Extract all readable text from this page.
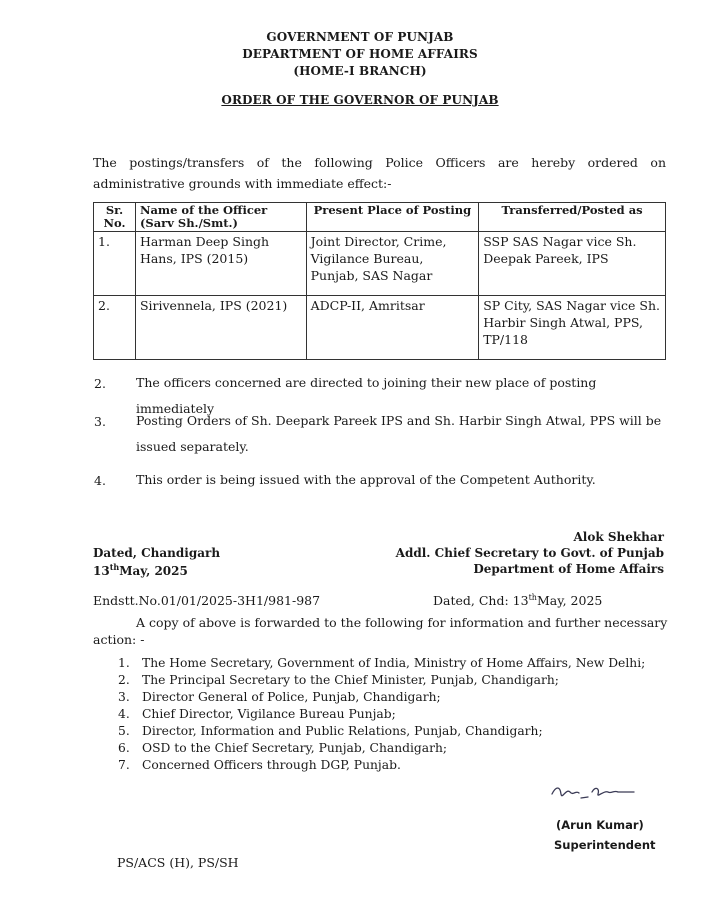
GOVERNMENT OF PUNJAB
DEPARTMENT OF HOME AFFAIRS
(HOME-I BRANCH)
ORDER OF THE GOVERNOR OF PUNJAB
The postings/transfers of the following Police Officers are hereby ordered on administrative grounds with immediate effect:-
Sr. No.	Name of the Officer (Sarv Sh./Smt.)	Present Place of Posting	Transferred/Posted as
1.	Harman Deep Singh Hans, IPS (2015)	Joint Director, Crime, Vigilance Bureau, Punjab, SAS Nagar	SSP SAS Nagar vice Sh. Deepak Pareek, IPS
2.	Sirivennela, IPS (2021)	ADCP-II, Amritsar	SP City, SAS Nagar vice Sh. Harbir Singh Atwal, PPS, TP/118
2. The officers concerned are directed to joining their new place of posting immediately
3. Posting Orders of Sh. Deepark Pareek IPS and Sh. Harbir Singh Atwal, PPS will be issued separately.
4. This order is being issued with the approval of the Competent Authority.
Alok Shekhar
Addl. Chief Secretary to Govt. of Punjab
Department of Home Affairs
Dated, Chandigarh
13thMay, 2025
Endstt.No.01/01/2025-3H1/981-987	Dated, Chd: 13thMay, 2025
A copy of above is forwarded to the following for information and further necessary
action: -
1. The Home Secretary, Government of India, Ministry of Home Affairs, New Delhi;
2. The Principal Secretary to the Chief Minister, Punjab, Chandigarh;
3. Director General of Police, Punjab, Chandigarh;
4. Chief Director, Vigilance Bureau Punjab;
5. Director, Information and Public Relations, Punjab, Chandigarh;
6. OSD to the Chief Secretary, Punjab, Chandigarh;
7. Concerned Officers through DGP, Punjab.
(Arun Kumar)
Superintendent
PS/ACS (H), PS/SH
